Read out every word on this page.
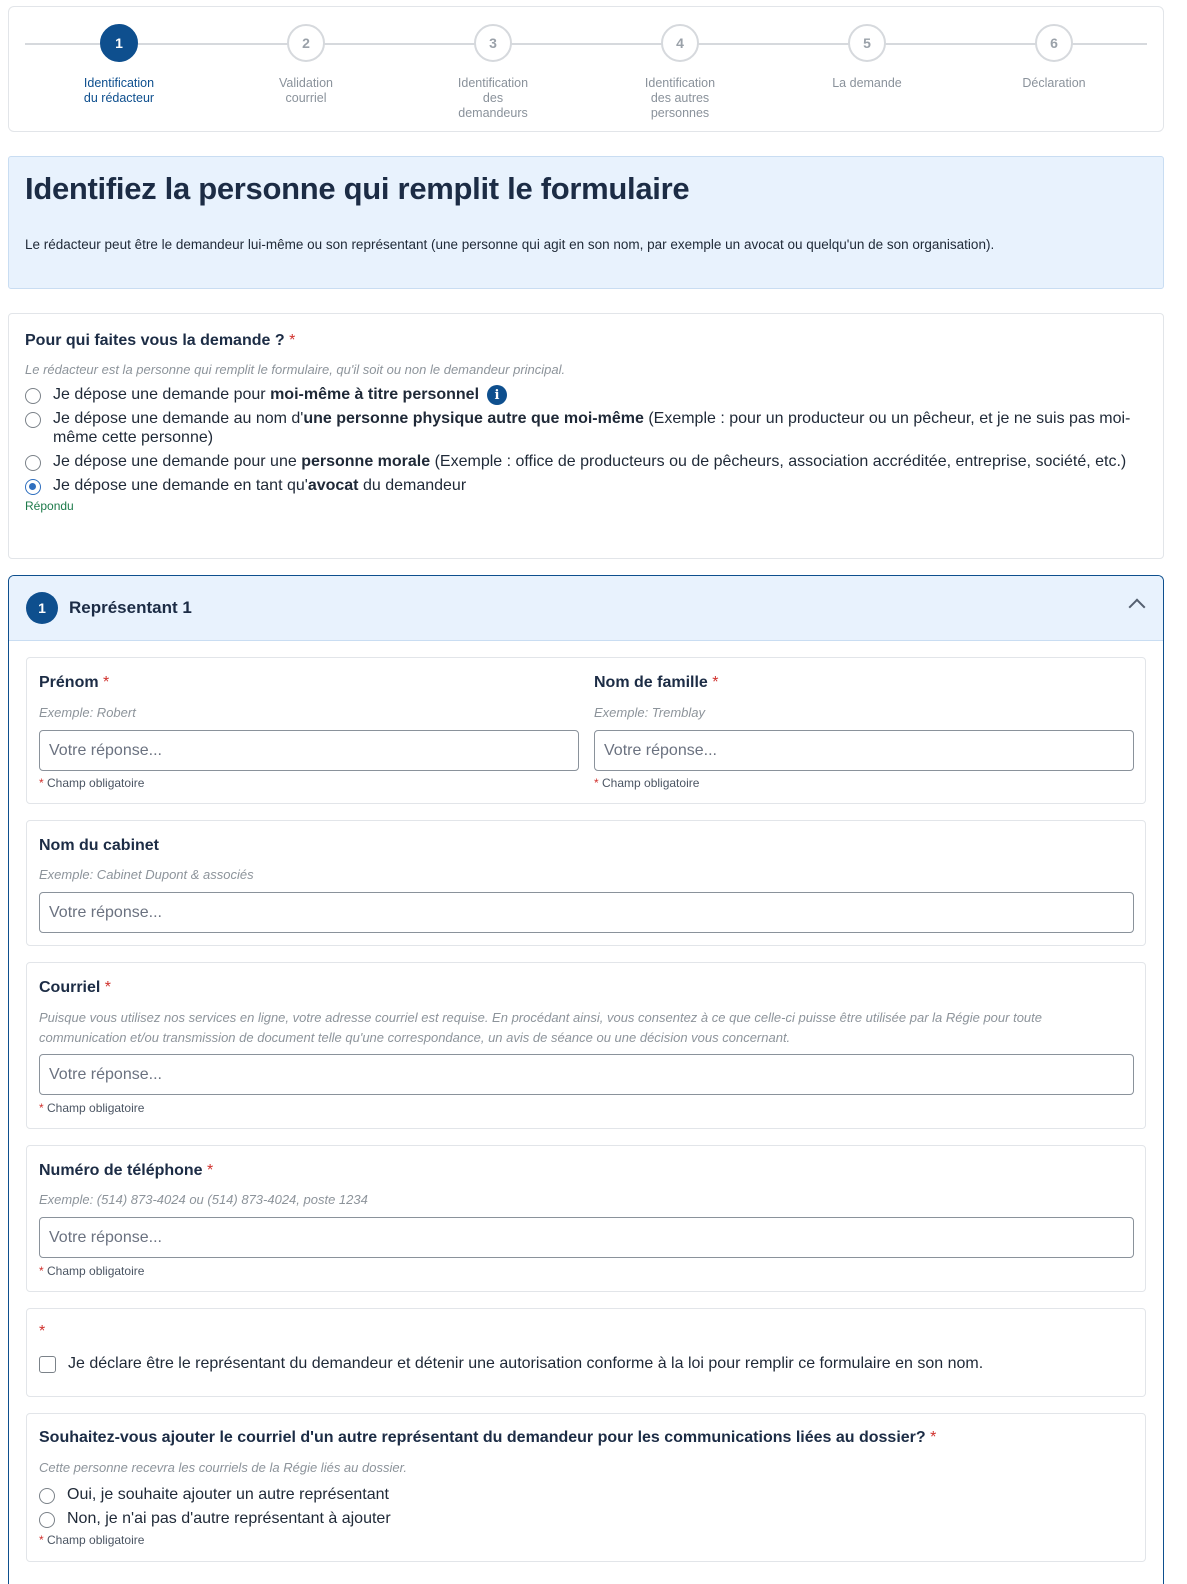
1
Identification
du rédacteur
2
Validation
courriel
3
Identification
des
demandeurs
4
Identification
des autres
personnes
5
La demande
6
Déclaration
Identifiez la personne qui remplit le formulaire

Le rédacteur peut être le demandeur lui-même ou son représentant (une personne qui agit en son nom, par exemple un avocat ou quelqu'un de son organisation).

Pour qui faites vous la demande ? *
Le rédacteur est la personne qui remplit le formulaire, qu'il soit ou non le demandeur principal.
Je dépose une demande pour moi-même à titre personnel i
Je dépose une demande au nom d'une personne physique autre que moi-même (Exemple : pour un producteur ou un pêcheur, et je ne suis pas moi-même cette personne)
Je dépose une demande pour une personne morale (Exemple : office de producteurs ou de pêcheurs, association accréditée, entreprise, société, etc.)
Je dépose une demande en tant qu'avocat du demandeur
Répondu
1	Représentant 1
Prénom *
Exemple: Robert
Votre réponse...
* Champ obligatoire
Nom de famille *
Exemple: Tremblay
Votre réponse...
* Champ obligatoire
Nom du cabinet
Exemple: Cabinet Dupont & associés
Votre réponse...
Courriel *
Puisque vous utilisez nos services en ligne, votre adresse courriel est requise. En procédant ainsi, vous consentez à ce que celle-ci puisse être utilisée par la Régie pour toute communication et/ou transmission de document telle qu'une correspondance, un avis de séance ou une décision vous concernant.
Votre réponse...
* Champ obligatoire
Numéro de téléphone *
Exemple: (514) 873-4024 ou (514) 873-4024, poste 1234
Votre réponse...
* Champ obligatoire
*
Je déclare être le représentant du demandeur et détenir une autorisation conforme à la loi pour remplir ce formulaire en son nom.
Souhaitez-vous ajouter le courriel d'un autre représentant du demandeur pour les communications liées au dossier? *
Cette personne recevra les courriels de la Régie liés au dossier.
Oui, je souhaite ajouter un autre représentant
Non, je n'ai pas d'autre représentant à ajouter
* Champ obligatoire
